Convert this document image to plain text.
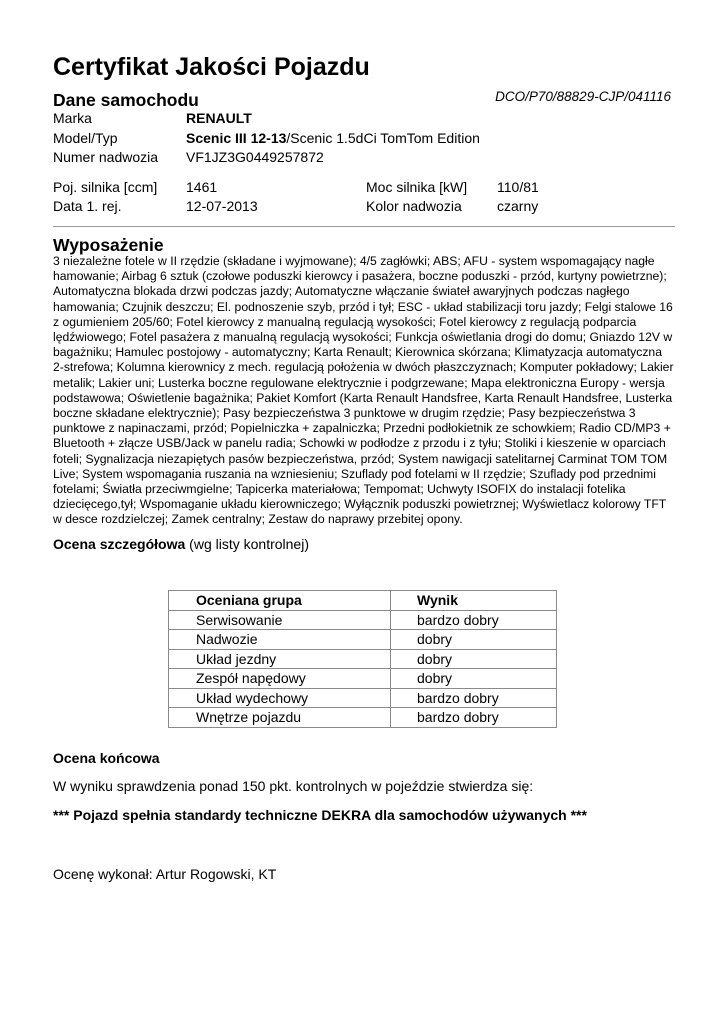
Certyfikat Jakości Pojazdu
Dane samochodu	DCO/P70/88829-CJP/041116
Marka	RENAULT
Model/Typ	Scenic III 12-13/Scenic 1.5dCi TomTom Edition
Numer nadwozia VF1JZ3G0449257872
Poj. silnika [ccm] 1461	Moc silnika [kW] 110/81
Data 1. rej.	12-07-2013	Kolor nadwozia	czarny
Wyposażenie

3 niezależne fotele w II rzędzie (składane i wyjmowane); 4/5 zagłówki; ABS; AFU - system wspomagający nagłe hamowanie; Airbag 6 sztuk (czołowe poduszki kierowcy i pasażera, boczne poduszki - przód, kurtyny powietrzne); Automatyczna blokada drzwi podczas jazdy; Automatyczne włączanie świateł awaryjnych podczas nagłego hamowania; Czujnik deszczu; El. podnoszenie szyb, przód i tył; ESC - układ stabilizacji toru jazdy; Felgi stalowe 16 z ogumieniem 205/60; Fotel kierowcy z manualną regulacją wysokości; Fotel kierowcy z regulacją podparcia lędźwiowego; Fotel pasażera z manualną regulacją wysokości; Funkcja oświetlania drogi do domu; Gniazdo 12V w bagażniku; Hamulec postojowy - automatyczny; Karta Renault; Kierownica skórzana; Klimatyzacja automatyczna 2-strefowa; Kolumna kierownicy z mech. regulacją położenia w dwóch płaszczyznach; Komputer pokładowy; Lakier metalik; Lakier uni; Lusterka boczne regulowane elektrycznie i podgrzewane; Mapa elektroniczna Europy - wersja podstawowa; Oświetlenie bagażnika; Pakiet Komfort (Karta Renault Handsfree, Karta Renault Handsfree, Lusterka boczne składane elektrycznie); Pasy bezpieczeństwa 3 punktowe w drugim rzędzie; Pasy bezpieczeństwa 3 punktowe z napinaczami, przód; Popielniczka + zapalniczka; Przedni podłokietnik ze schowkiem; Radio CD/MP3 + Bluetooth + złącze USB/Jack w panelu radia; Schowki w podłodze z przodu i z tyłu; Stoliki i kieszenie w oparciach foteli; Sygnalizacja niezapiętych pasów bezpieczeństwa, przód; System nawigacji satelitarnej Carminat TOM TOM Live; System wspomagania ruszania na wzniesieniu; Szuflady pod fotelami w II rzędzie; Szuflady pod przednimi fotelami; Światła przeciwmgielne; Tapicerka materiałowa; Tempomat; Uchwyty ISOFIX do instalacji fotelika dziecięcego,tył; Wspomaganie układu kierowniczego; Wyłącznik poduszki powietrznej; Wyświetlacz kolorowy TFT w desce rozdzielczej; Zamek centralny; Zestaw do naprawy przebitej opony.

Ocena szczegółowa (wg listy kontrolnej)
Oceniana grupa	Wynik
Serwisowanie	bardzo dobry
Nadwozie	dobry
Układ jezdny	dobry
Zespół napędowy	dobry
Układ wydechowy	bardzo dobry
Wnętrze pojazdu	bardzo dobry
Ocena końcowa
W wyniku sprawdzenia ponad 150 pkt. kontrolnych w pojeździe stwierdza się:
*** Pojazd spełnia standardy techniczne DEKRA dla samochodów używanych ***
Ocenę wykonał: Artur Rogowski, KT
